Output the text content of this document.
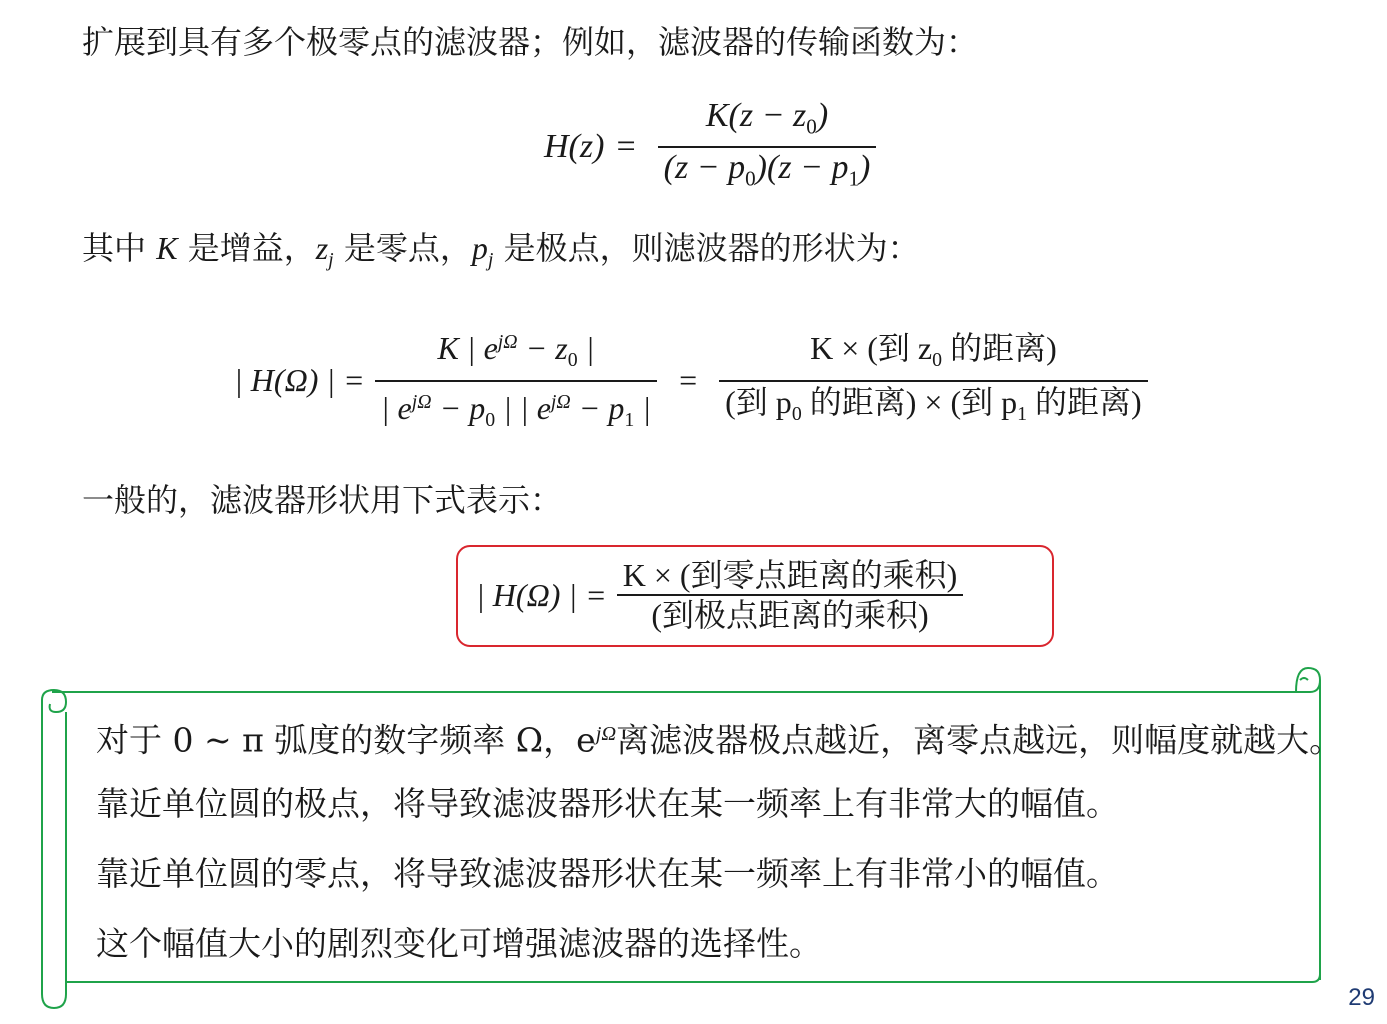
扩展到具有多个极零点的滤波器；例如，滤波器的传输函数为：
$H(z) = \frac{K(z - z_0)}{(z - p_0)(z - p_1)}$
其中 K 是增益，$z_j$ 是零点，$p_j$ 是极点，则滤波器的形状为：
| H(Ω) | = $\frac{K | e^{j\Omega} - z_0 |}{| e^{j\Omega} - p_0 | | e^{j\Omega} - p_1 |} = \frac{K \times (到 z_0 的距离)}{(到 p_0 的距离) \times (到 p_1 的距离)}$
一般的，滤波器形状用下式表示：
| H(Ω) | = $\frac{\text{K × (到零点距离的乘积)}}{\text{(到极点距离的乘积)}}$
对于 0 ~ π 弧度的数字频率 Ω，$e^{j\Omega}$离滤波器极点越近，离零点越远，则幅度就越大。
靠近单位圆的极点，将导致滤波器形状在某一频率上有非常大的幅值。
靠近单位圆的零点，将导致滤波器形状在某一频率上有非常小的幅值。
这个幅值大小的剧烈变化可增强滤波器的选择性。
29
